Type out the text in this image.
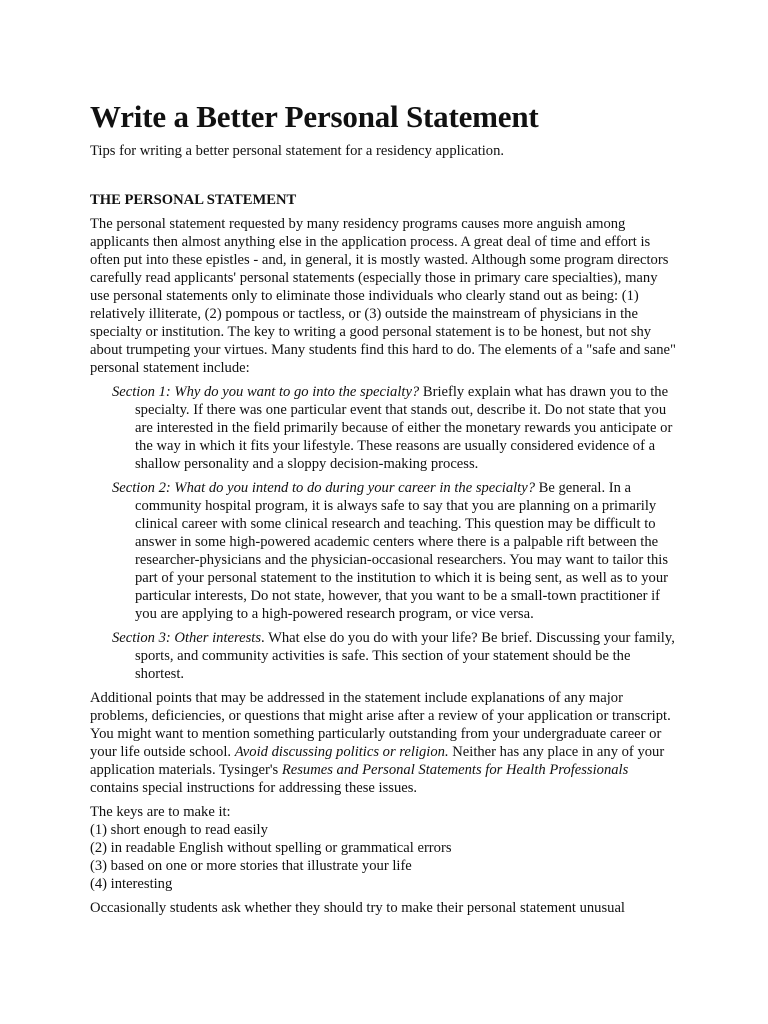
Write a Better Personal Statement

Tips for writing a better personal statement for a residency application.

THE PERSONAL STATEMENT

The personal statement requested by many residency programs causes more anguish among applicants then almost anything else in the application process. A great deal of time and effort is often put into these epistles - and, in general, it is mostly wasted. Although some program directors carefully read applicants' personal statements (especially those in primary care specialties), many use personal statements only to eliminate those individuals who clearly stand out as being: (1) relatively illiterate, (2) pompous or tactless, or (3) outside the mainstream of physicians in the specialty or institution. The key to writing a good personal statement is to be honest, but not shy about trumpeting your virtues. Many students find this hard to do. The elements of a "safe and sane" personal statement include:

Section 1: Why do you want to go into the specialty? Briefly explain what has drawn you to the specialty. If there was one particular event that stands out, describe it. Do not state that you are interested in the field primarily because of either the monetary rewards you anticipate or the way in which it fits your lifestyle. These reasons are usually considered evidence of a shallow personality and a sloppy decision-making process.

Section 2: What do you intend to do during your career in the specialty? Be general. In a community hospital program, it is always safe to say that you are planning on a primarily clinical career with some clinical research and teaching. This question may be difficult to answer in some high-powered academic centers where there is a palpable rift between the researcher-physicians and the physician-occasional researchers. You may want to tailor this part of your personal statement to the institution to which it is being sent, as well as to your particular interests, Do not state, however, that you want to be a small-town practitioner if you are applying to a high-powered research program, or vice versa.

Section 3: Other interests. What else do you do with your life? Be brief. Discussing your family, sports, and community activities is safe. This section of your statement should be the shortest.

Additional points that may be addressed in the statement include explanations of any major problems, deficiencies, or questions that might arise after a review of your application or transcript. You might want to mention something particularly outstanding from your undergraduate career or your life outside school. Avoid discussing politics or religion. Neither has any place in any of your application materials. Tysinger's Resumes and Personal Statements for Health Professionals contains special instructions for addressing these issues.

The keys are to make it:

(1) short enough to read easily

(2) in readable English without spelling or grammatical errors

(3) based on one or more stories that illustrate your life

(4) interesting

Occasionally students ask whether they should try to make their personal statement unusual
